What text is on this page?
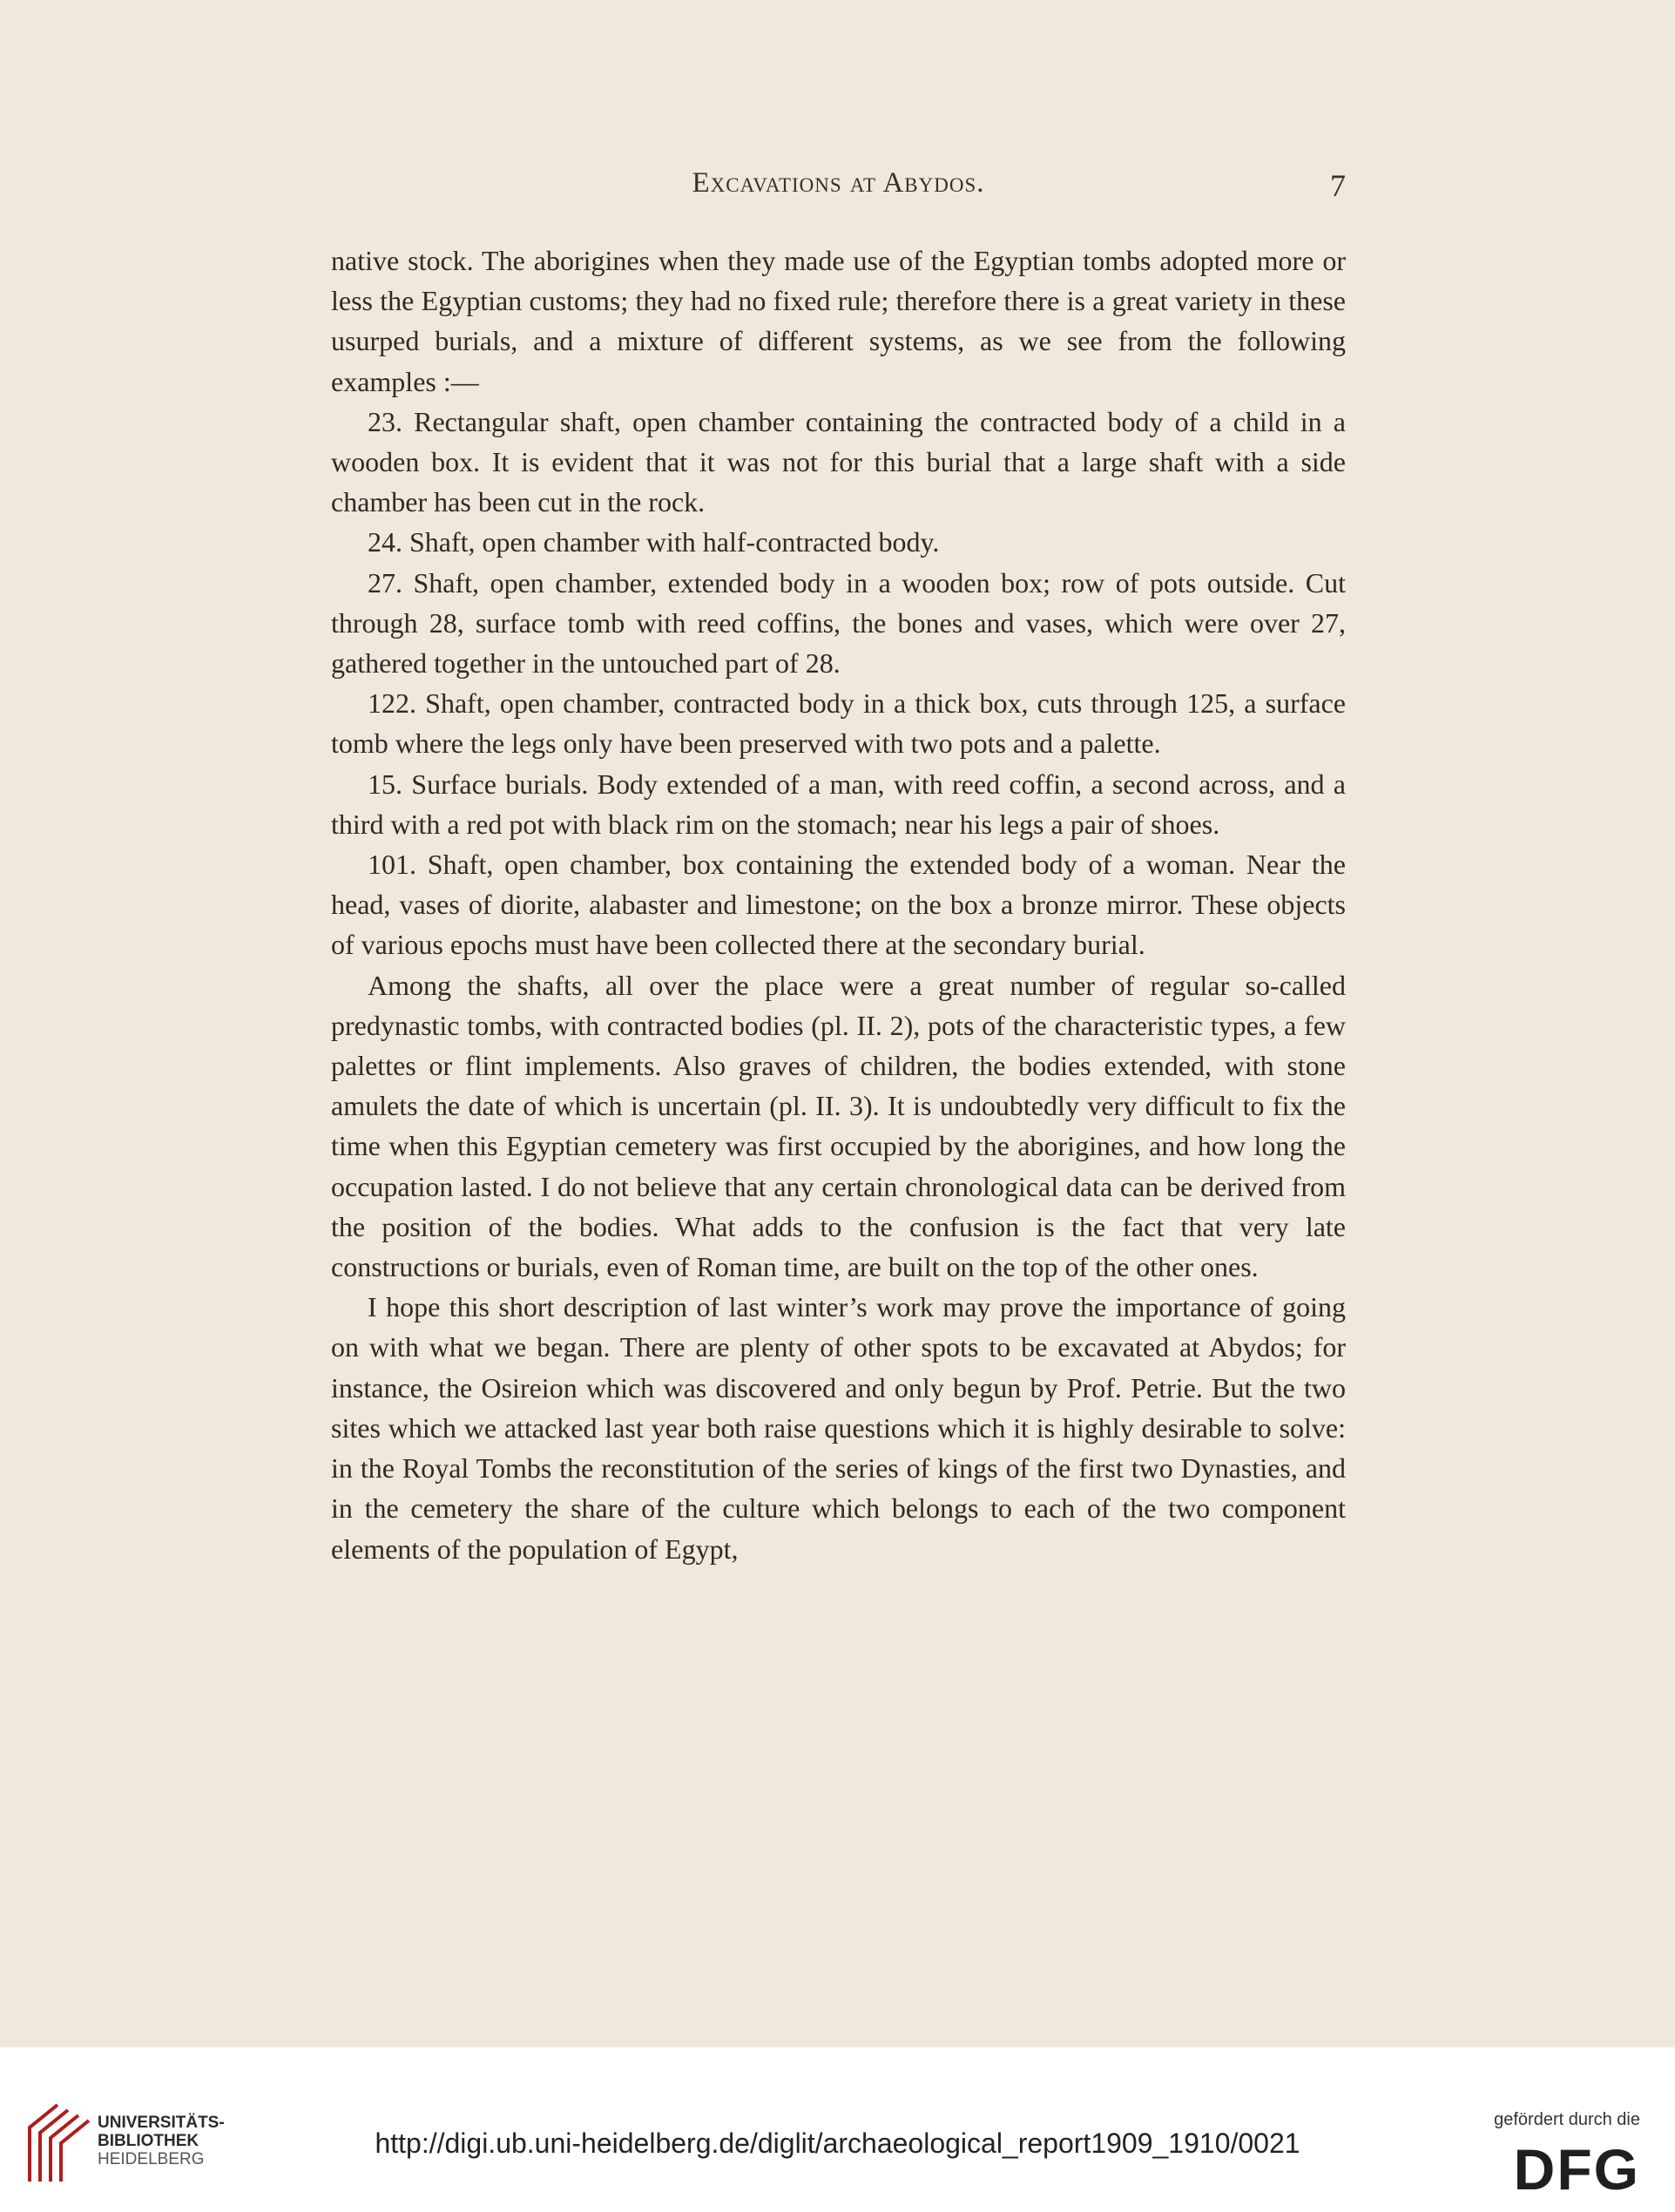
Excavations at Abydos.	7

native stock. The aborigines when they made use of the Egyptian tombs adopted more or less the Egyptian customs; they had no fixed rule; therefore there is a great variety in these usurped burials, and a mixture of different systems, as we see from the following examples :—

23. Rectangular shaft, open chamber containing the contracted body of a child in a wooden box. It is evident that it was not for this burial that a large shaft with a side chamber has been cut in the rock.

24. Shaft, open chamber with half-contracted body.

27. Shaft, open chamber, extended body in a wooden box; row of pots outside. Cut through 28, surface tomb with reed coffins, the bones and vases, which were over 27, gathered together in the untouched part of 28.

122. Shaft, open chamber, contracted body in a thick box, cuts through 125, a surface tomb where the legs only have been preserved with two pots and a palette.

15. Surface burials. Body extended of a man, with reed coffin, a second across, and a third with a red pot with black rim on the stomach; near his legs a pair of shoes.

101. Shaft, open chamber, box containing the extended body of a woman. Near the head, vases of diorite, alabaster and limestone; on the box a bronze mirror. These objects of various epochs must have been collected there at the secondary burial.

Among the shafts, all over the place were a great number of regular so-called predynastic tombs, with contracted bodies (pl. II. 2), pots of the characteristic types, a few palettes or flint implements. Also graves of children, the bodies extended, with stone amulets the date of which is uncertain (pl. II. 3). It is undoubtedly very difficult to fix the time when this Egyptian cemetery was first occupied by the aborigines, and how long the occupation lasted. I do not believe that any certain chronological data can be derived from the position of the bodies. What adds to the confusion is the fact that very late constructions or burials, even of Roman time, are built on the top of the other ones.

I hope this short description of last winter’s work may prove the importance of going on with what we began. There are plenty of other spots to be excavated at Abydos; for instance, the Osireion which was discovered and only begun by Prof. Petrie. But the two sites which we attacked last year both raise questions which it is highly desirable to solve: in the Royal Tombs the reconstitution of the series of kings of the first two Dynasties, and in the cemetery the share of the culture which belongs to each of the two component elements of the population of Egypt,

UNIVERSITÄTS-
BIBLIOTHEK
HEIDELBERG
http://digi.ub.uni-heidelberg.de/diglit/archaeological_report1909_1910/0021
gefördert durch die
DFG
